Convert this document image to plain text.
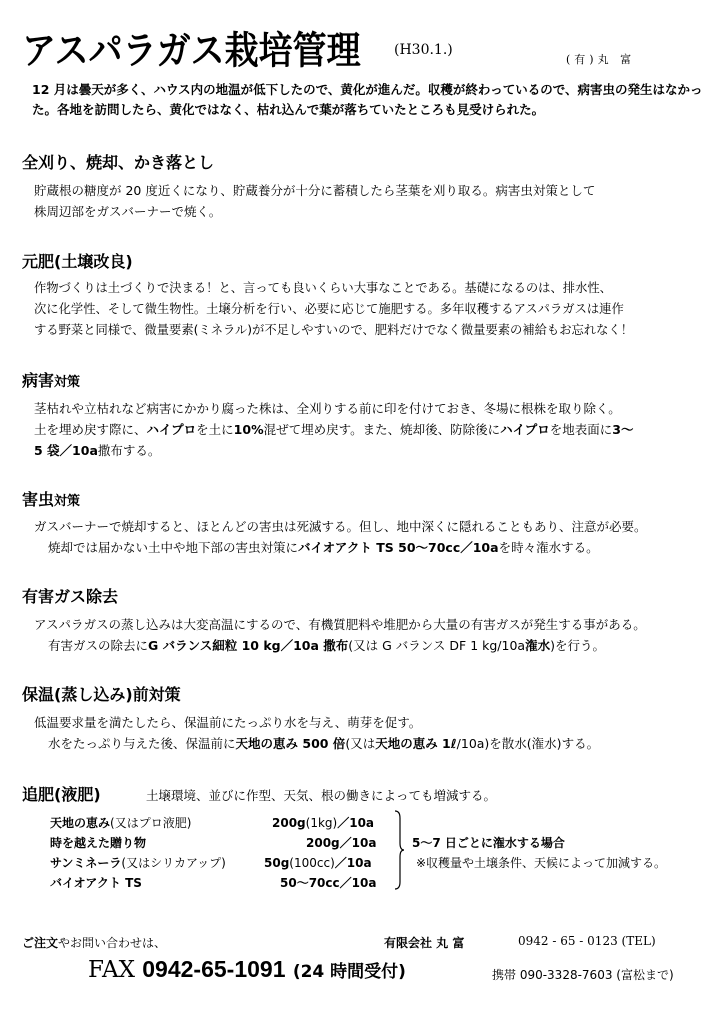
アスパラガス栽培管理 (H30.1.)
(有)丸 富
12 月は曇天が多く、ハウス内の地温が低下したので、黄化が進んだ。収穫が終わっているので、病害虫の発生はなかった。各地を訪問したら、黄化ではなく、枯れ込んで葉が落ちていたところも見受けられた。
全刈り、焼却、かき落とし
貯蔵根の糖度が 20 度近くになり、貯蔵養分が十分に蓄積したら茎葉を刈り取る。病害虫対策として
株周辺部をガスバーナーで焼く。
元肥(土壌改良)
作物づくりは土づくりで決まる！と、言っても良いくらい大事なことである。基礎になるのは、排水性、
次に化学性、そして微生物性。土壌分析を行い、必要に応じて施肥する。多年収穫するアスパラガスは連作
する野菜と同様で、微量要素(ミネラル)が不足しやすいので、肥料だけでなく微量要素の補給もお忘れなく！
病害対策
茎枯れや立枯れなど病害にかかり腐った株は、全刈りする前に印を付けておき、冬場に根株を取り除く。
土を埋め戻す際に、ハイプロを土に10%混ぜて埋め戻す。また、焼却後、防除後にハイプロを地表面に3～
5 袋／10a撒布する。
害虫対策
ガスバーナーで焼却すると、ほとんどの害虫は死滅する。但し、地中深くに隠れることもあり、注意が必要。
焼却では届かない土中や地下部の害虫対策にバイオアクト TS 50～70cc／10aを時々潅水する。
有害ガス除去
アスパラガスの蒸し込みは大変高温にするので、有機質肥料や堆肥から大量の有害ガスが発生する事がある。
有害ガスの除去にG バランス細粒 10 kg／10a 撒布(又は G バランス DF 1 kg/10a潅水)を行う。
保温(蒸し込み)前対策
低温要求量を満たしたら、保温前にたっぷり水を与え、萌芽を促す。
水をたっぷり与えた後、保温前に天地の恵み 500 倍(又は天地の恵み 1ℓ/10a)を散水(潅水)する。
追肥(液肥)	土壌環境、並びに作型、天気、根の働きによっても増減する。
天地の恵み(又はプロ液肥)	200g(1kg)／10a
時を越えた贈り物	200g／10a
サンミネーラ(又はシリカアップ)	50g(100cc)／10a
バイオアクト TS	50～70cc／10a
5～7 日ごとに潅水する場合
※収穫量や土壌条件、天候によって加減する。
ご注文やお問い合わせは、	有限会社 丸 富	0942 - 65 - 0123 (TEL)
FAX 0942-65-1091 (24 時間受付)	携帯 090-3328-7603 (富松まで)
